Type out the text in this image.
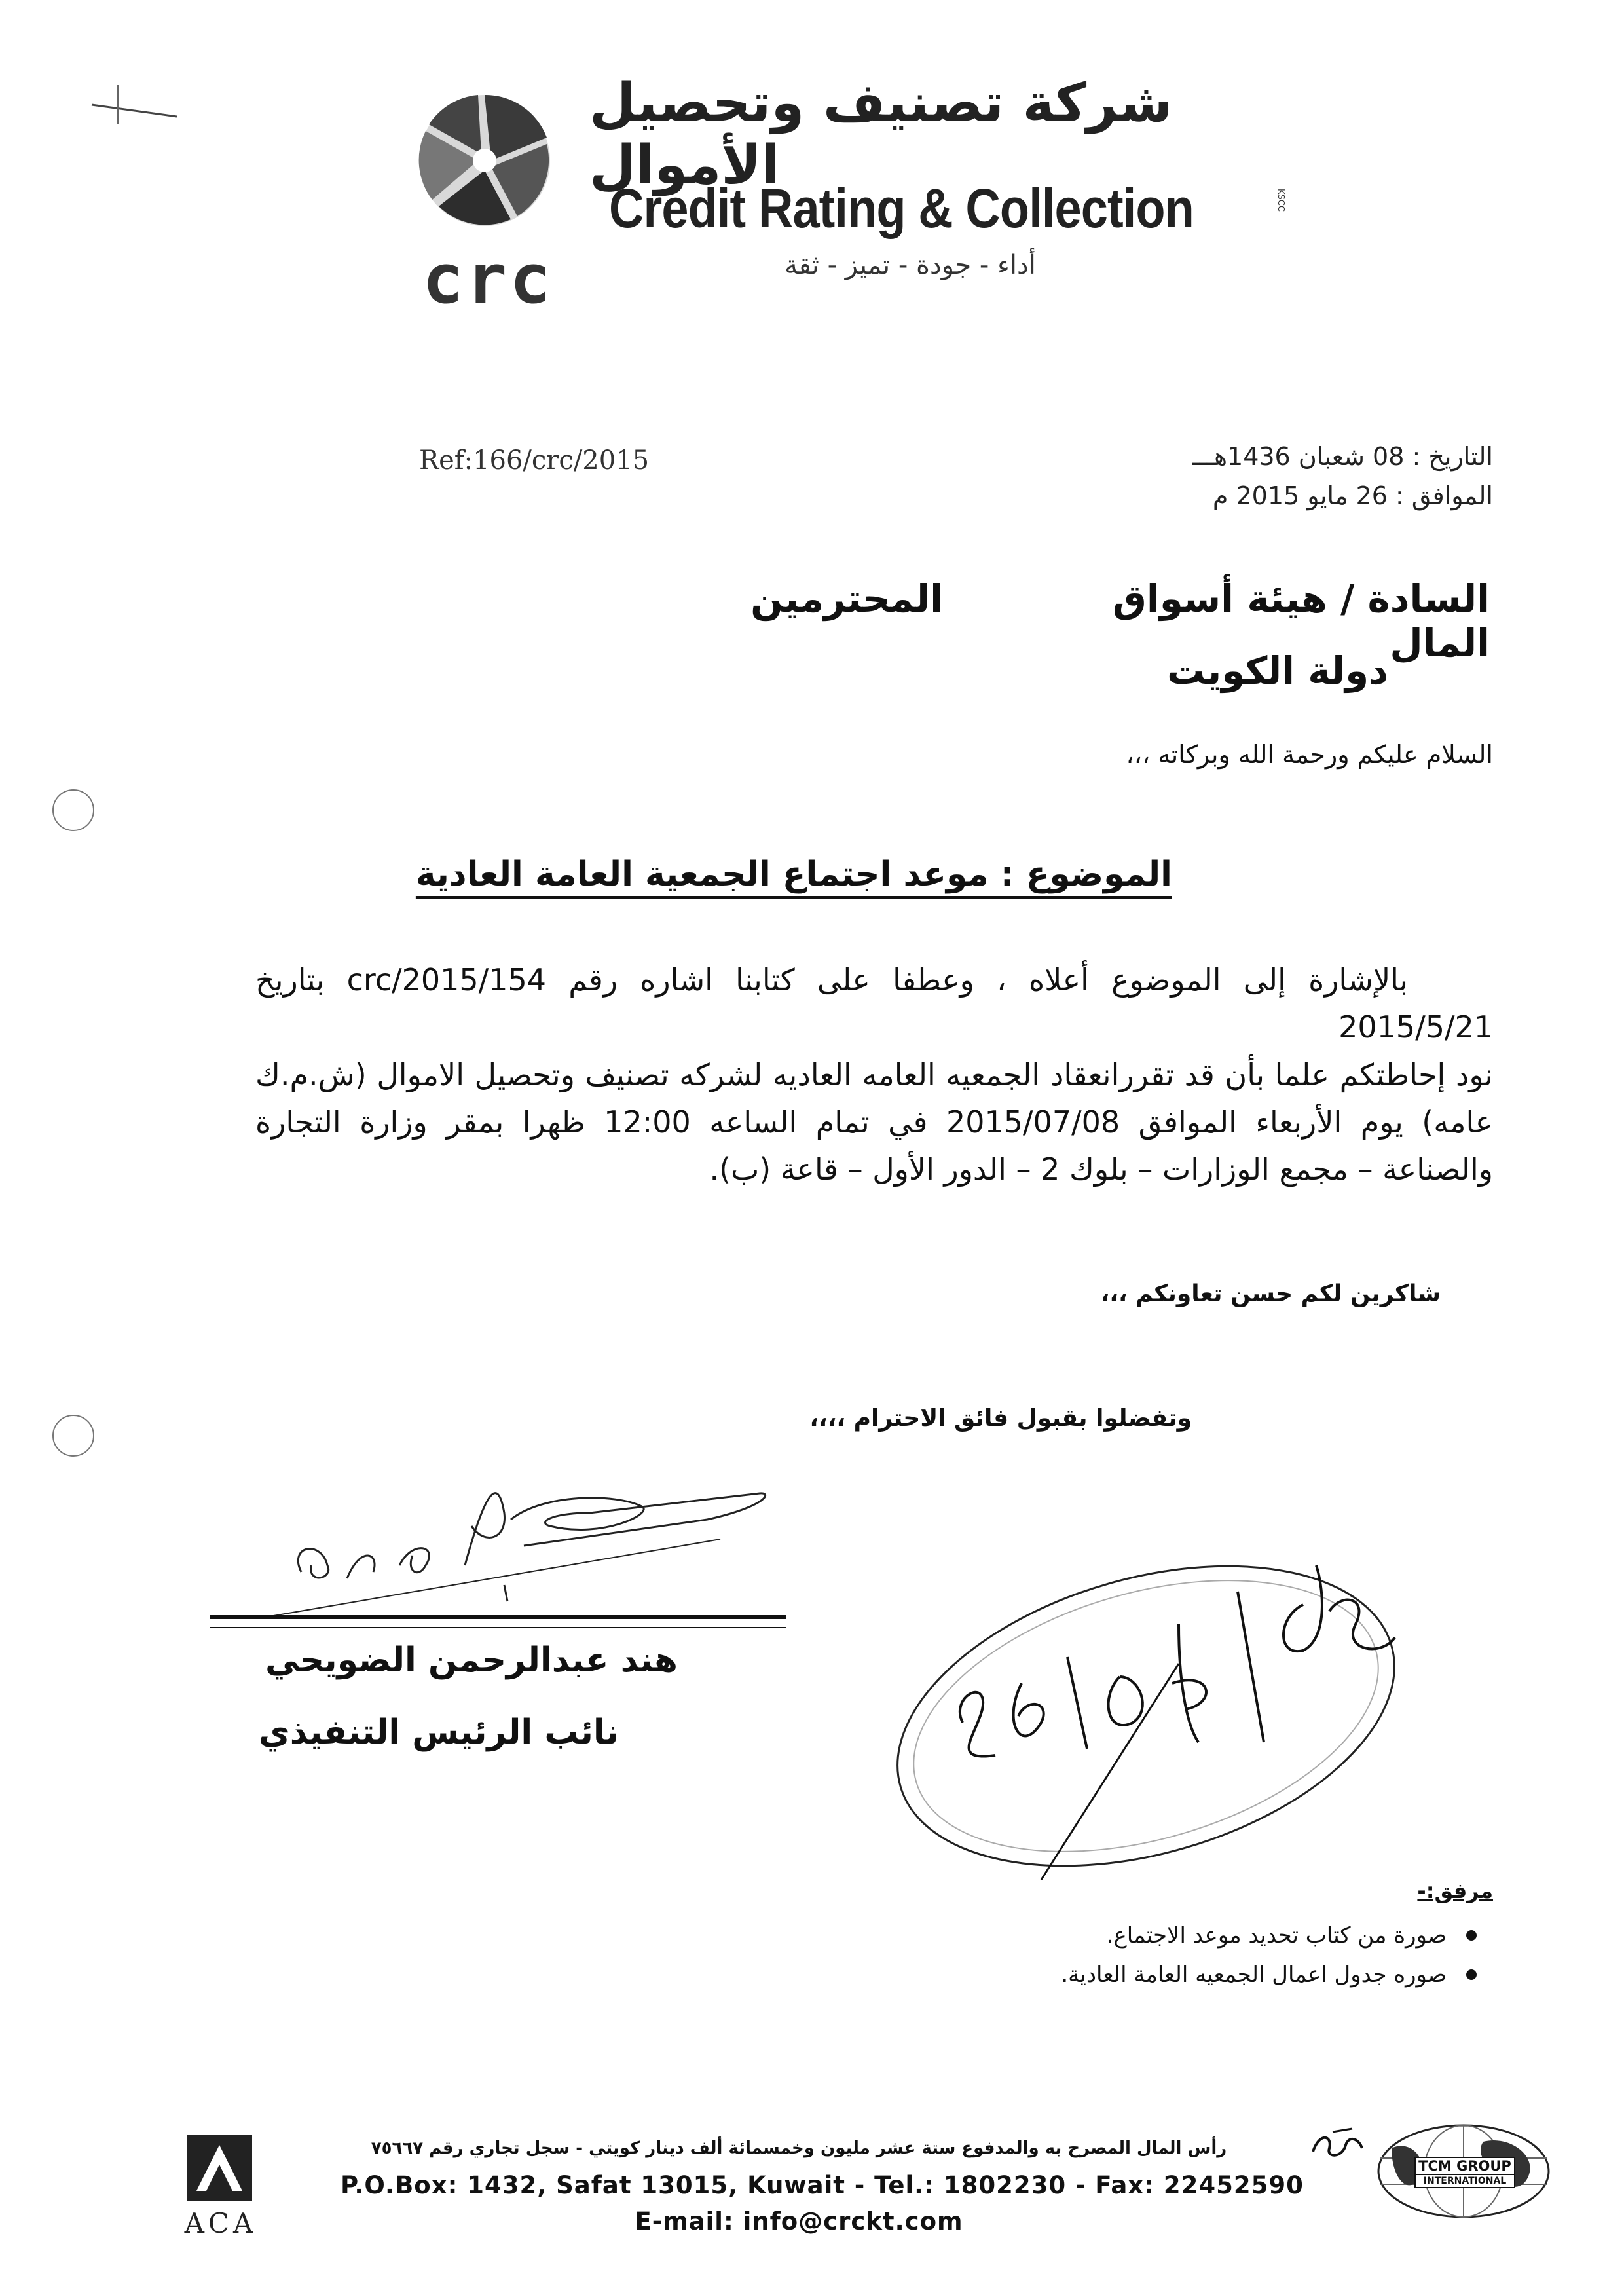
crc
شركة تصنيف وتحصيل الأموال
Credit Rating & Collection	KSCC
أداء - جودة - تميز - ثقة
Ref:166/crc/2015	التاريخ : 08 شعبان 1436هـــ
الموافق : 26 مايو 2015 م
السادة / هيئة أسواق المال
المحترمين
دولة الكويت
السلام عليكم ورحمة الله وبركاته ،،،
الموضوع : موعد اجتماع الجمعية العامة العادية
بالإشارة إلى الموضوع أعلاه ، وعطفا على كتابنا اشاره رقم 154/crc/2015 بتاريخ 2015/5/21
نود إحاطتكم علما بأن قد تقررانعقاد الجمعيه العامه العاديه لشركه تصنيف وتحصيل الاموال (ش.م.ك عامه) يوم الأربعاء الموافق 2015/07/08 في تمام الساعه 12:00 ظهرا بمقر وزارة التجارة والصناعة – مجمع الوزارات – بلوك 2 – الدور الأول – قاعة (ب).
شاكرين لكم حسن تعاونكم ،،،
وتفضلوا بقبول فائق الاحترام ،،،،
هند عبدالرحمن الضويحي
نائب الرئيس التنفيذي
مرفق:-
صورة من كتاب تحديد موعد الاجتماع.
صوره جدول اعمال الجمعيه العامة العادية.
ACA
رأس المال المصرح به والمدفوع ستة عشر مليون وخمسمائة ألف دينار كويتي - سجل تجاري رقم ٧٥٦٦٧
P.O.Box: 1432, Safat 13015, Kuwait - Tel.: 1802230 - Fax: 22452590
E-mail: info@crckt.com
TCM GROUP
INTERNATIONAL
